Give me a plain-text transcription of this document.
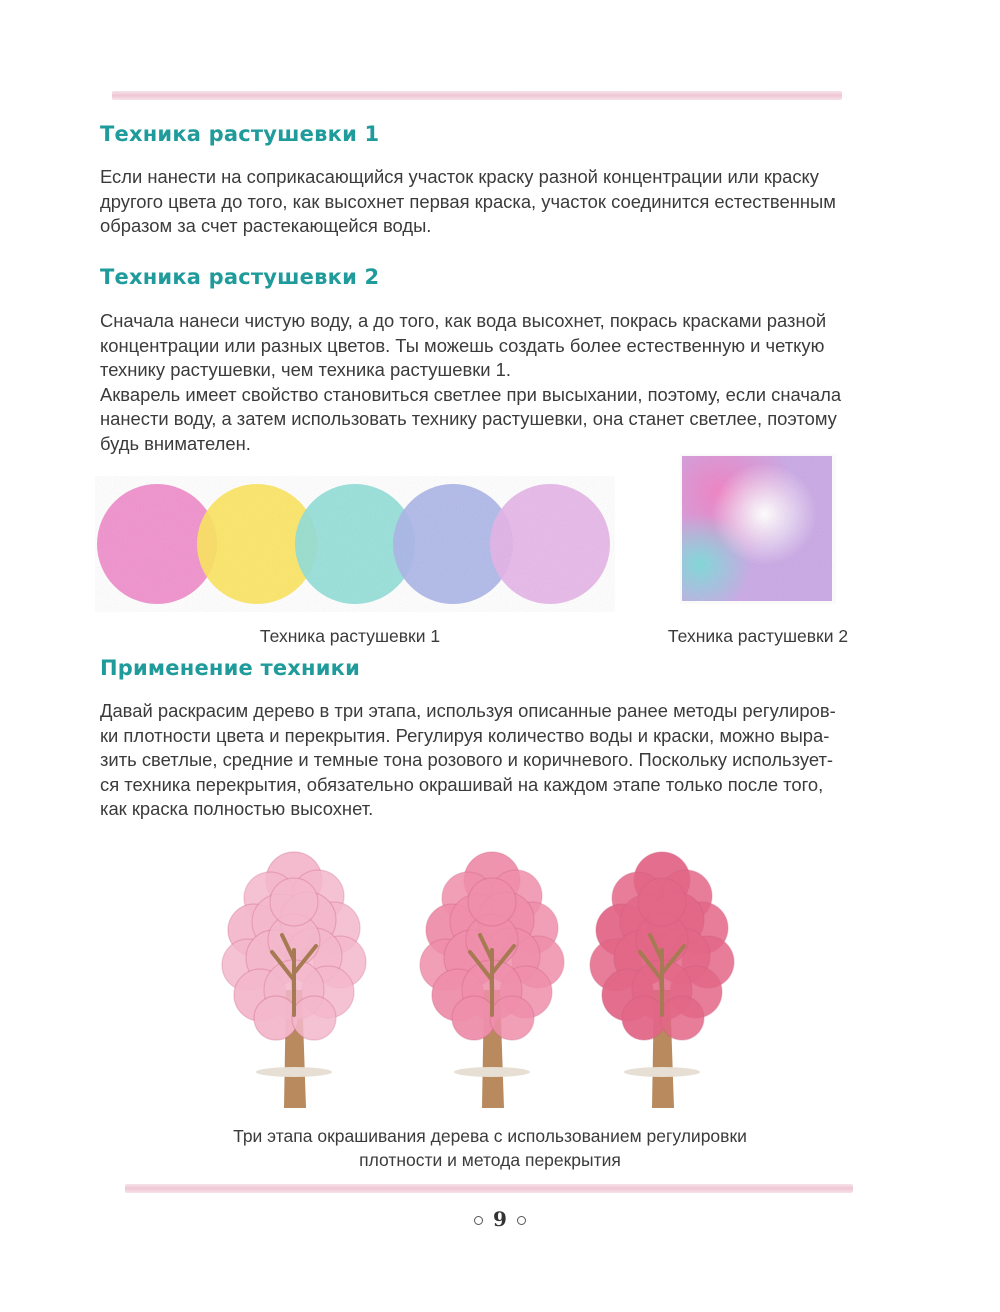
Техника растушевки 1
Если нанести на соприкасающийся участок краску разной концентрации или краску
другого цвета до того, как высохнет первая краска, участок соединится естественным
образом за счет растекающейся воды.
Техника растушевки 2
Сначала нанеси чистую воду, а до того, как вода высохнет, покрась красками разной
концентрации или разных цветов. Ты можешь создать более естественную и четкую
технику растушевки, чем техника растушевки 1.
Акварель имеет свойство становиться светлее при высыхании, поэтому, если сначала
нанести воду, а затем использовать технику растушевки, она станет светлее, поэтому
будь внимателен.
Техника растушевки 1	Техника растушевки 2
Применение техники
Давай раскрасим дерево в три этапа, используя описанные ранее методы регулиров-
ки плотности цвета и перекрытия. Регулируя количество воды и краски, можно выра-
зить светлые, средние и темные тона розового и коричневого. Поскольку использует-
ся техника перекрытия, обязательно окрашивай на каждом этапе только после того,
как краска полностью высохнет.
Три этапа окрашивания дерева с использованием регулировки
плотности и метода перекрытия
9
